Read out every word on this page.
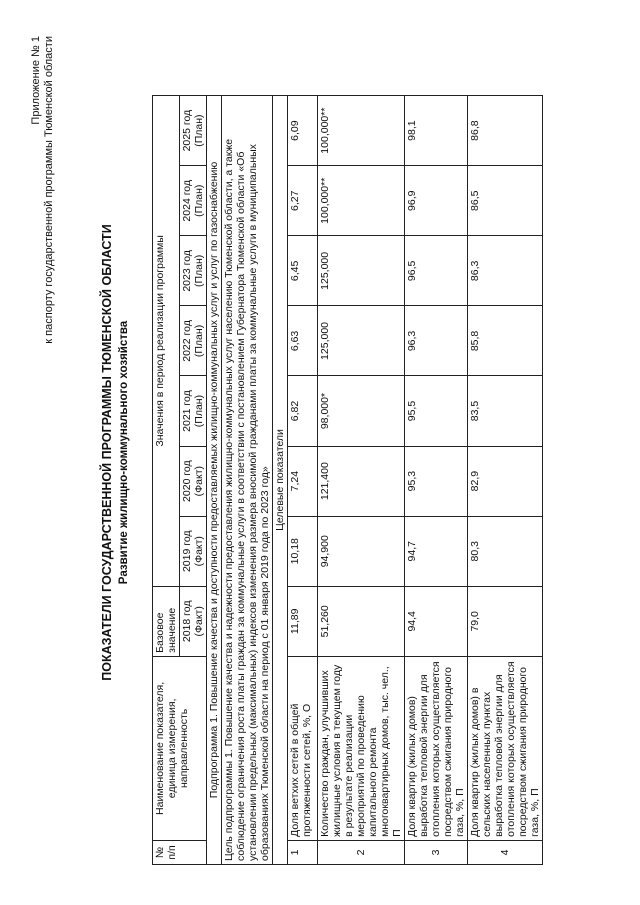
Приложение № 1 к паспорту государственной программы Тюменской области
ПОКАЗАТЕЛИ ГОСУДАРСТВЕННОЙ ПРОГРАММЫ ТЮМЕНСКОЙ ОБЛАСТИ Развитие жилищно-коммунального хозяйства
№ п/п	Наименование показателя, единица измерения, направленность	Базовое значение	Значения в период реализации программы						
		2018 год (Факт)	2019 год (Факт)	2020 год (Факт)	2021 год (План)	2022 год (План)	2023 год (План)	2024 год (План)	2025 год (План)
Подпрограмма 1. Повышение качества и доступности предоставляемых жилищно-коммунальных услуг и услуг по газоснабжению									
Цель подпрограммы 1. Повышение качества и надежности предоставления жилищно-коммунальных услуг населению Тюменской области, а также соблюдение ограничения роста платы граждан за коммунальные услуги в соответствии с постановлением Губернатора Тюменской области «Об установлении предельных (максимальных) индексов изменения размера вносимой гражданами платы за коммунальные услуги в муниципальных образованиях Тюменской области на период с 01 января 2019 года по 2023 год»									
Целевые показатели									
1	Доля ветхих сетей в общей протяженности сетей, %, О	11,89	10,18	7,24	6,82	6,63	6,45	6,27	6,09
2	Количество граждан, улучшивших жилищные условия в текущем году в результате реализации мероприятий по проведению капитального ремонта многоквартирных домов, тыс. чел., П	51,260	94,900	121,400	98,000*	125,000	125,000	100,000**	100,000**
3	Доля квартир (жилых домов) выработка тепловой энергии для отопления которых осуществляется посредством сжигания природного газа, %, П	94,4	94,7	95,3	95,5	96,3	96,5	96,9	98,1
4	Доля квартир (жилых домов) в сельских населенных пунктах выработка тепловой энергии для отопления которых осуществляется посредством сжигания природного газа, %, П	79,0	80,3	82,9	83,5	85,8	86,3	86,5	86,8
